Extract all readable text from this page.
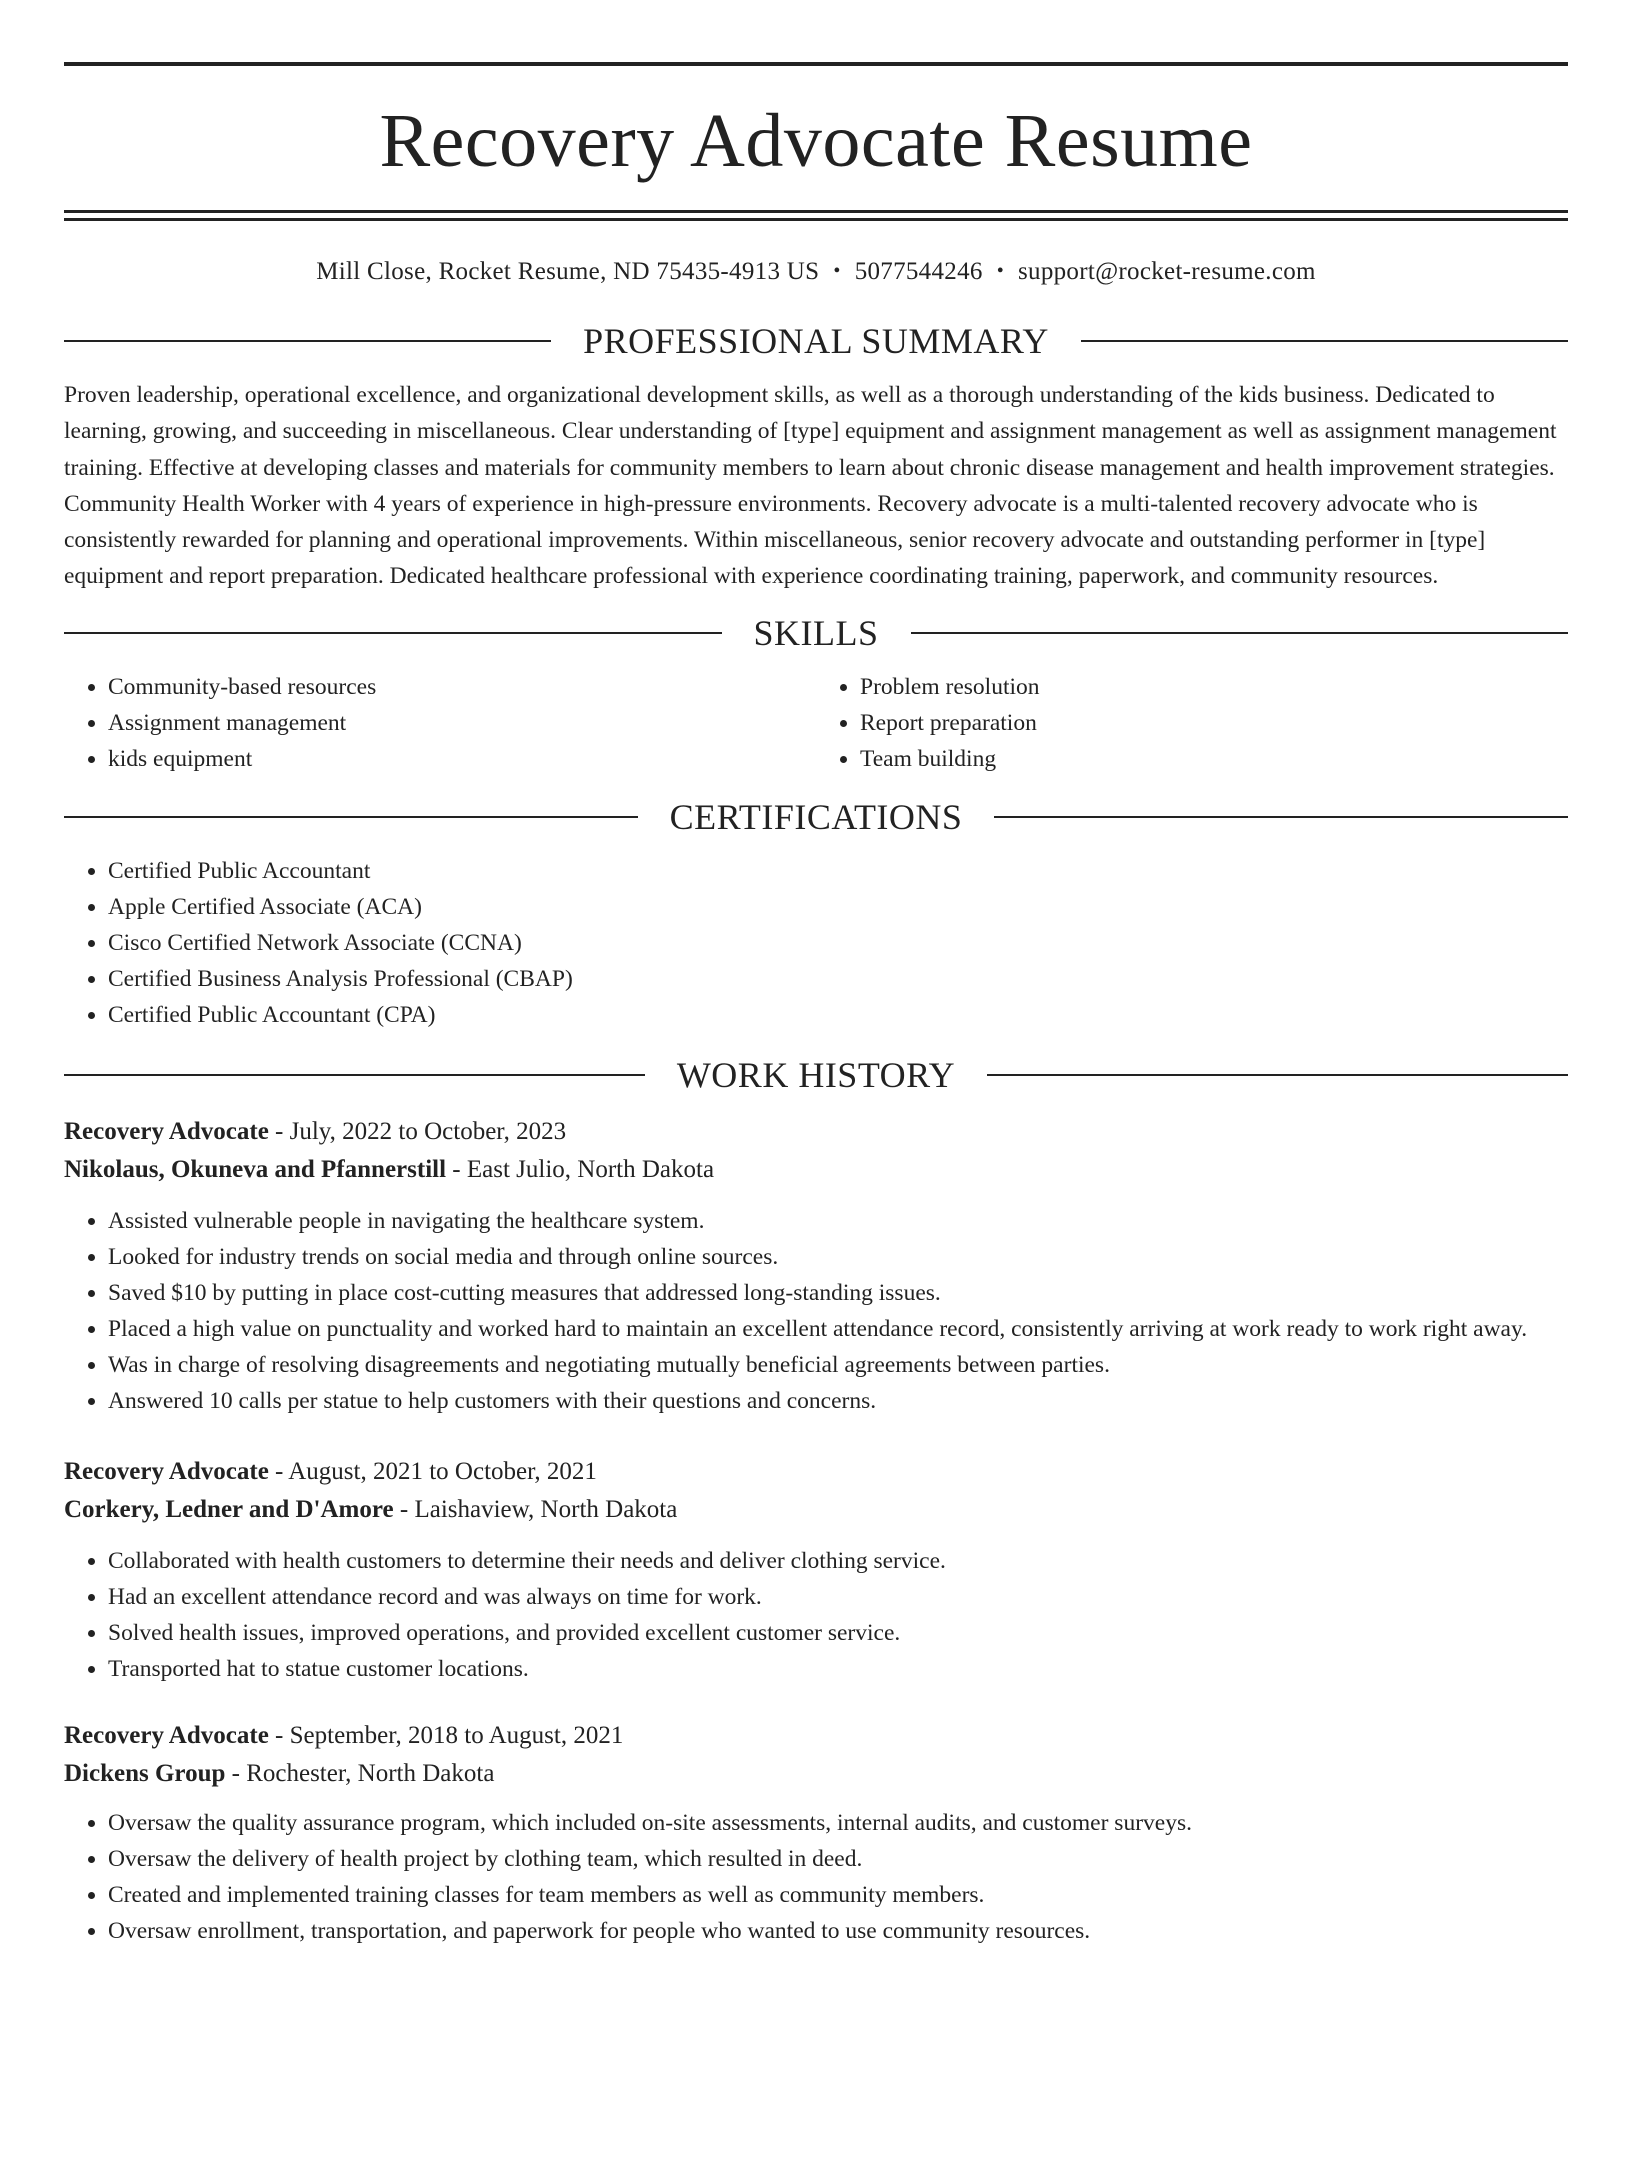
Recovery Advocate Resume
Mill Close, Rocket Resume, ND 75435-4913 US • 5077544246 • support@rocket-resume.com
PROFESSIONAL SUMMARY

Proven leadership, operational excellence, and organizational development skills, as well as a thorough understanding of the kids business. Dedicated to learning, growing, and succeeding in miscellaneous. Clear understanding of [type] equipment and assignment management as well as assignment management training. Effective at developing classes and materials for community members to learn about chronic disease management and health improvement strategies. Community Health Worker with 4 years of experience in high-pressure environments. Recovery advocate is a multi-talented recovery advocate who is consistently rewarded for planning and operational improvements. Within miscellaneous, senior recovery advocate and outstanding performer in [type] equipment and report preparation. Dedicated healthcare professional with experience coordinating training, paperwork, and community resources.

SKILLS
• Community-based resources
• Assignment management
• kids equipment
• Problem resolution
• Report preparation
• Team building
CERTIFICATIONS
• Certified Public Accountant
• Apple Certified Associate (ACA)
• Cisco Certified Network Associate (CCNA)
• Certified Business Analysis Professional (CBAP)
• Certified Public Accountant (CPA)
WORK HISTORY
Recovery Advocate - July, 2022 to October, 2023
Nikolaus, Okuneva and Pfannerstill - East Julio, North Dakota
• Assisted vulnerable people in navigating the healthcare system.
• Looked for industry trends on social media and through online sources.
• Saved $10 by putting in place cost-cutting measures that addressed long-standing issues.
• Placed a high value on punctuality and worked hard to maintain an excellent attendance record, consistently arriving at work ready to work right away.
• Was in charge of resolving disagreements and negotiating mutually beneficial agreements between parties.
• Answered 10 calls per statue to help customers with their questions and concerns.
Recovery Advocate - August, 2021 to October, 2021
Corkery, Ledner and D'Amore - Laishaview, North Dakota
• Collaborated with health customers to determine their needs and deliver clothing service.
• Had an excellent attendance record and was always on time for work.
• Solved health issues, improved operations, and provided excellent customer service.
• Transported hat to statue customer locations.
Recovery Advocate - September, 2018 to August, 2021
Dickens Group - Rochester, North Dakota
• Oversaw the quality assurance program, which included on-site assessments, internal audits, and customer surveys.
• Oversaw the delivery of health project by clothing team, which resulted in deed.
• Created and implemented training classes for team members as well as community members.
• Oversaw enrollment, transportation, and paperwork for people who wanted to use community resources.
